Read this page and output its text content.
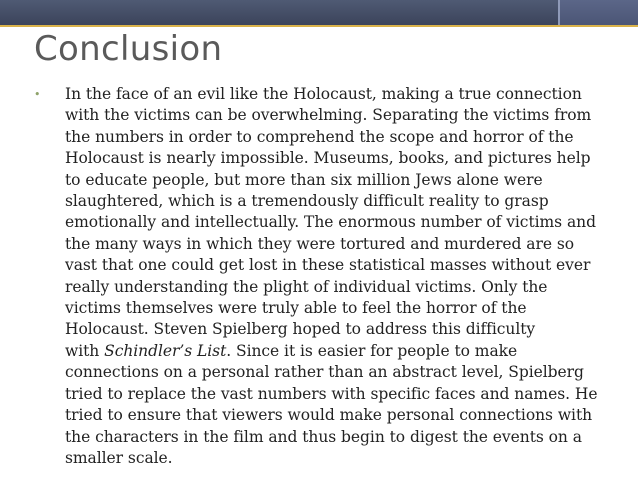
Conclusion
•	In the face of an evil like the Holocaust, making a true connection
with the victims can be overwhelming. Separating the victims from
the numbers in order to comprehend the scope and horror of the
Holocaust is nearly impossible. Museums, books, and pictures help
to educate people, but more than six million Jews alone were
slaughtered, which is a tremendously difficult reality to grasp
emotionally and intellectually. The enormous number of victims and
the many ways in which they were tortured and murdered are so
vast that one could get lost in these statistical masses without ever
really understanding the plight of individual victims. Only the
victims themselves were truly able to feel the horror of the
Holocaust. Steven Spielberg hoped to address this difficulty
with Schindler’s List. Since it is easier for people to make
connections on a personal rather than an abstract level, Spielberg
tried to replace the vast numbers with specific faces and names. He
tried to ensure that viewers would make personal connections with
the characters in the film and thus begin to digest the events on a
smaller scale.
